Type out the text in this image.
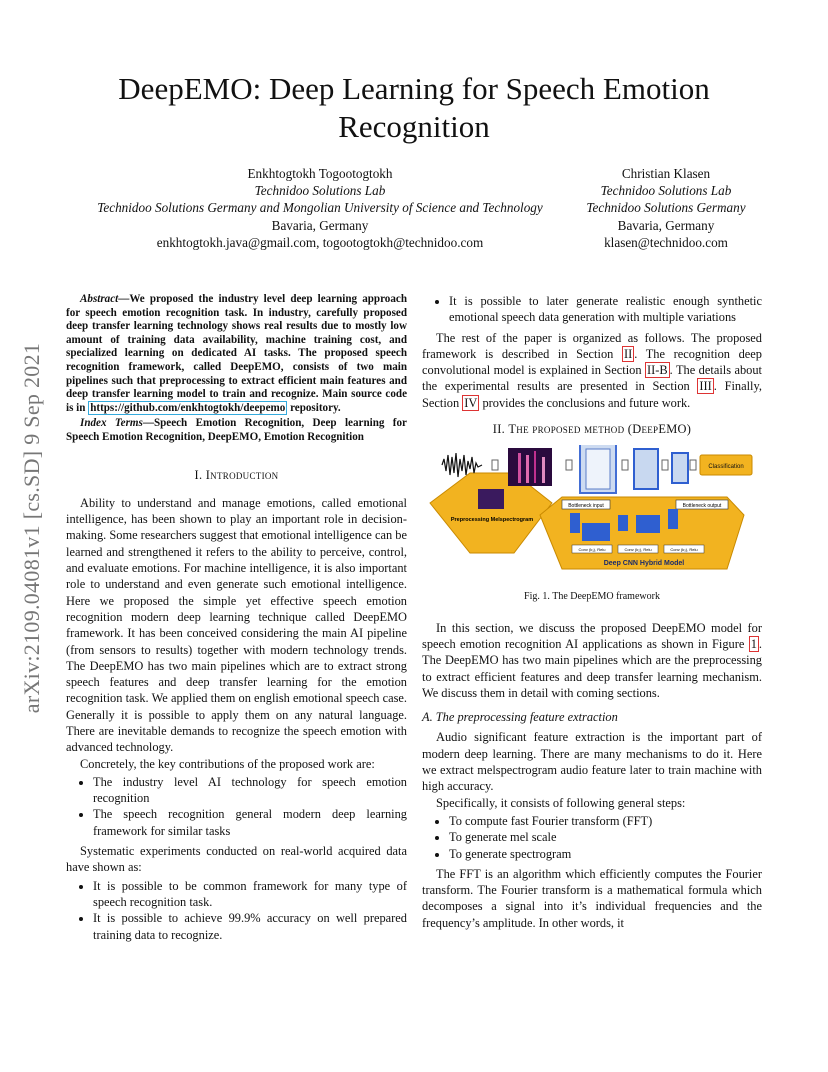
DeepEMO: Deep Learning for Speech Emotion Recognition
Enkhtogtokh Togootogtokh
Technidoo Solutions Lab
Technidoo Solutions Germany and Mongolian University of Science and Technology
Bavaria, Germany
enkhtogtokh.java@gmail.com, togootogtokh@technidoo.com
Christian Klasen
Technidoo Solutions Lab
Technidoo Solutions Germany
Bavaria, Germany
klasen@technidoo.com
arXiv:2109.04081v1 [cs.SD] 9 Sep 2021

Abstract—We proposed the industry level deep learning approach for speech emotion recognition task. In industry, carefully proposed deep transfer learning technology shows real results due to mostly low amount of training data availability, machine training cost, and specialized learning on dedicated AI tasks. The proposed speech recognition framework, called DeepEMO, consists of two main pipelines such that preprocessing to extract efficient main features and deep transfer learning model to train and recognize. Main source code is in https://github.com/enkhtogtokh/deepemo repository.

Index Terms—Speech Emotion Recognition, Deep learning for Speech Emotion Recognition, DeepEMO, Emotion Recognition

I. Introduction

Ability to understand and manage emotions, called emotional intelligence, has been shown to play an important role in decision-making. Some researchers suggest that emotional intelligence can be learned and strengthened it refers to the ability to perceive, control, and evaluate emotions. For machine intelligence, it is also important role to understand and even generate such emotional intelligence. Here we proposed the simple yet effective speech emotion recognition modern deep learning technique called DeepEMO framework. It has been conceived considering the main AI pipeline (from sensors to results) together with modern technology trends. The DeepEMO has two main pipelines which are to extract strong speech features and deep transfer learning for the emotion recognition task. We applied them on english emotional speech case. Generally it is possible to apply them on any natural language. There are inevitable demands to recognize the speech emotion with advanced technology.

Concretely, the key contributions of the proposed work are:

• The industry level AI technology for speech emotion recognition
• The speech recognition general modern deep learning framework for similar tasks

Systematic experiments conducted on real-world acquired data have shown as:

• It is possible to be common framework for many type of speech recognition task.
• It is possible to achieve 99.9% accuracy on well prepared training data to recognize.
• It is possible to later generate realistic enough synthetic emotional speech data generation with multiple variations

The rest of the paper is organized as follows. The proposed framework is described in Section II . The recognition deep convolutional model is explained in Section II-B . The details about the experimental results are presented in Section III . Finally, Section IV provides the conclusions and future work.

II. The proposed method (DeepEMO)
Classification
Bottleneck input	Bottleneck output
Conv (k₁), Relu	Conv (k₂), Relu	Conv (k₃), Relu
Preprocessing Melspectrogram
Deep CNN Hybrid Model
Fig. 1. The DeepEMO framework

In this section, we discuss the proposed DeepEMO model for speech emotion recognition AI applications as shown in Figure 1 . The DeepEMO has two main pipelines which are the preprocessing to extract efficient features and deep transfer learning mechanism. We discuss them in detail with coming sections.

A. The preprocessing feature extraction

Audio significant feature extraction is the important part of modern deep learning. There are many mechanisms to do it. Here we extract melspectrogram audio feature later to train machine with high accuracy.

Specifically, it consists of following general steps:

• To compute fast Fourier transform (FFT)
• To generate mel scale
• To generate spectrogram

The FFT is an algorithm which efficiently computes the Fourier transform. The Fourier transform is a mathematical formula which decomposes a signal into it’s individual frequencies and the frequency’s amplitude. In other words, it
